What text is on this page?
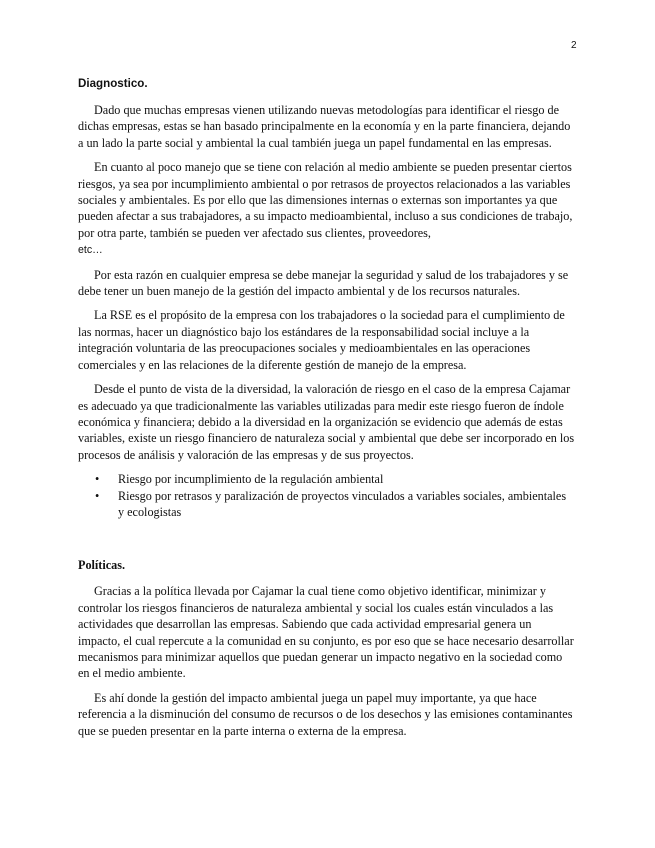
2
Diagnostico.

Dado que muchas empresas vienen utilizando nuevas metodologías para identificar el riesgo de dichas empresas, estas se han basado principalmente en la economía y en la parte financiera, dejando a un lado la parte social y ambiental la cual también juega un papel fundamental en las empresas.

En cuanto al poco manejo que se tiene con relación al medio ambiente se pueden presentar ciertos riesgos, ya sea por incumplimiento ambiental o por retrasos de proyectos relacionados a las variables sociales y ambientales. Es por ello que las dimensiones internas o externas son importantes ya que pueden afectar a sus trabajadores, a su impacto medioambiental, incluso a sus condiciones de trabajo, por otra parte, también se pueden ver afectado sus clientes, proveedores,
etc…

Por esta razón en cualquier empresa se debe manejar la seguridad y salud de los trabajadores y se debe tener un buen manejo de la gestión del impacto ambiental y de los recursos naturales.

La RSE es el propósito de la empresa con los trabajadores o la sociedad para el cumplimiento de las normas, hacer un diagnóstico bajo los estándares de la responsabilidad social incluye a la integración voluntaria de las preocupaciones sociales y medioambientales en las operaciones comerciales y en las relaciones de la diferente gestión de manejo de la empresa.

Desde el punto de vista de la diversidad, la valoración de riesgo en el caso de la empresa Cajamar es adecuado ya que tradicionalmente las variables utilizadas para medir este riesgo fueron de índole económica y financiera; debido a la diversidad en la organización se evidencio que además de estas variables, existe un riesgo financiero de naturaleza social y ambiental que debe ser incorporado en los procesos de análisis y valoración de las empresas y de sus proyectos.

• Riesgo por incumplimiento de la regulación ambiental
• Riesgo por retrasos y paralización de proyectos vinculados a variables sociales, ambientales y ecologistas
Políticas.

Gracias a la política llevada por Cajamar la cual tiene como objetivo identificar, minimizar y controlar los riesgos financieros de naturaleza ambiental y social los cuales están vinculados a las actividades que desarrollan las empresas. Sabiendo que cada actividad empresarial genera un impacto, el cual repercute a la comunidad en su conjunto, es por eso que se hace necesario desarrollar mecanismos para minimizar aquellos que puedan generar un impacto negativo en la sociedad como en el medio ambiente.

Es ahí donde la gestión del impacto ambiental juega un papel muy importante, ya que hace referencia a la disminución del consumo de recursos o de los desechos y las emisiones contaminantes que se pueden presentar en la parte interna o externa de la empresa.
